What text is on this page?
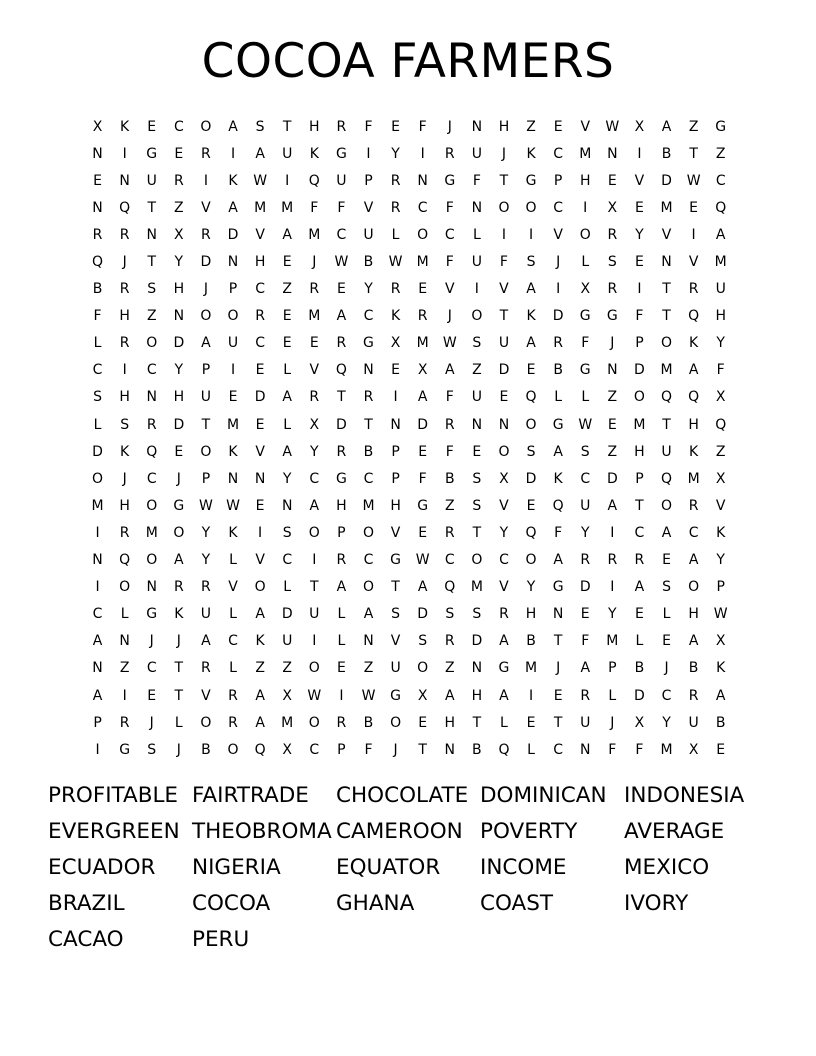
COCOA FARMERS
X	K	E	C	O	A	S	T	H	R	F	E	F	J	N	H	Z	E	V	W	X	A	Z	G
N	I	G	E	R	I	A	U	K	G	I	Y	I	R	U	J	K	C	M	N	I	B	T	Z
E	N	U	R	I	K	W	I	Q	U	P	R	N	G	F	T	G	P	H	E	V	D	W	C
N	Q	T	Z	V	A	M	M	F	F	V	R	C	F	N	O	O	C	I	X	E	M	E	Q
R	R	N	X	R	D	V	A	M	C	U	L	O	C	L	I	I	V	O	R	Y	V	I	A
Q	J	T	Y	D	N	H	E	J	W	B	W	M	F	U	F	S	J	L	S	E	N	V	M
B	R	S	H	J	P	C	Z	R	E	Y	R	E	V	I	V	A	I	X	R	I	T	R	U
F	H	Z	N	O	O	R	E	M	A	C	K	R	J	O	T	K	D	G	G	F	T	Q	H
L	R	O	D	A	U	C	E	E	R	G	X	M	W	S	U	A	R	F	J	P	O	K	Y
C	I	C	Y	P	I	E	L	V	Q	N	E	X	A	Z	D	E	B	G	N	D	M	A	F
S	H	N	H	U	E	D	A	R	T	R	I	A	F	U	E	Q	L	L	Z	O	Q	Q	X
L	S	R	D	T	M	E	L	X	D	T	N	D	R	N	N	O	G	W	E	M	T	H	Q
D	K	Q	E	O	K	V	A	Y	R	B	P	E	F	E	O	S	A	S	Z	H	U	K	Z
O	J	C	J	P	N	N	Y	C	G	C	P	F	B	S	X	D	K	C	D	P	Q	M	X
M	H	O	G	W W	E	N	A	H	M	H	G	Z	S	V	E	Q	U	A	T	O	R	V
I	R	M	O	Y	K	I	S	O	P	O	V	E	R	T	Y	Q	F	Y	I	C	A	C	K
N	Q	O	A	Y	L	V	C	I	R	C	G	W	C	O	C	O	A	R	R	R	E	A	Y
I	O	N	R	R	V	O	L	T	A	O	T	A	Q	M	V	Y	G	D	I	A	S	O	P
C	L	G	K	U	L	A	D	U	L	A	S	D	S	S	R	H	N	E	Y	E	L	H	W
A	N	J	J	A	C	K	U	I	L	N	V	S	R	D	A	B	T	F	M	L	E	A	X
N	Z	C	T	R	L	Z	Z	O	E	Z	U	O	Z	N	G	M	J	A	P	B	J	B	K
A	I	E	T	V	R	A	X	W	I	W	G	X	A	H	A	I	E	R	L	D	C	R	A
P	R	J	L	O	R	A	M	O	R	B	O	E	H	T	L	E	T	U	J	X	Y	U	B
I	G	S	J	B	O	Q	X	C	P	F	J	T	N	B	Q	L	C	N	F	F	M	X	E
PROFITABLE FAIRTRADE	CHOCOLATE DOMINICAN INDONESIA
EVERGREEN THEOBROMA CAMEROON POVERTY	AVERAGE
ECUADOR	NIGERIA	EQUATOR	INCOME	MEXICO
BRAZIL	COCOA	GHANA	COAST	IVORY
CACAO	PERU
